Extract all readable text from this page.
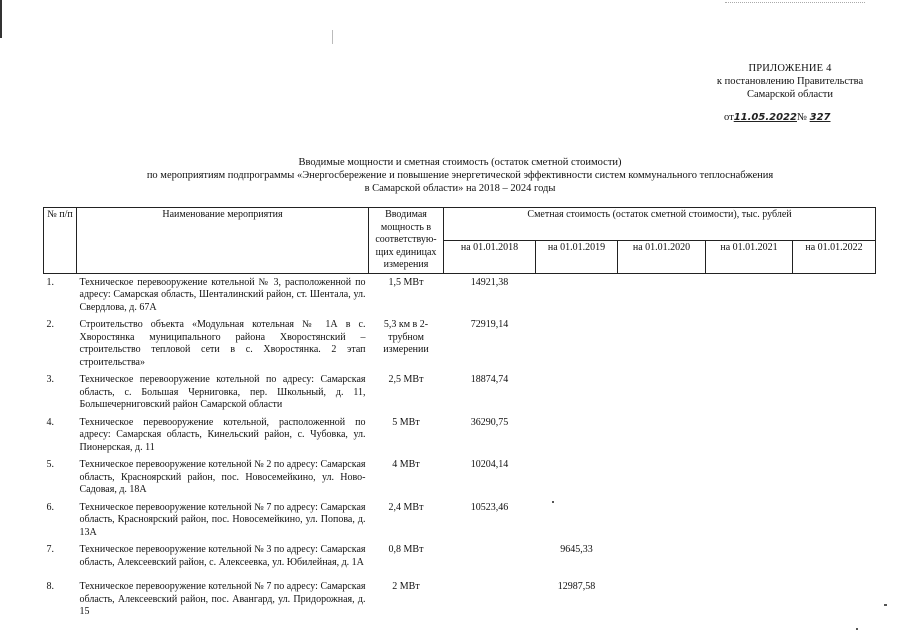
ПРИЛОЖЕНИЕ 4
к постановлению Правительства
Самарской области
от11.05.2022№ 327
Вводимые мощности и сметная стоимость (остаток сметной стоимости)
по мероприятиям подпрограммы «Энергосбережение и повышение энергетической эффективности систем коммунального теплоснабжения
в Самарской области» на 2018 – 2024 годы
№ п/п	Наименование мероприятия	Вводимая мощность в соответствую-щих единицах измерения	Сметная стоимость (остаток сметной стоимости), тыс. рублей				
			на 01.01.2018	на 01.01.2019	на 01.01.2020	на 01.01.2021	на 01.01.2022
1.	Техническое перевооружение котельной № 3, расположенной по адресу: Самарская область, Шенталинский район, ст. Шентала, ул. Свердлова, д. 67А	1,5 МВт	14921,38				
2.	Строительство объекта «Модульная котельная № 1А в с. Хворостянка муниципального района Хворостянский – строительство тепловой сети в с. Хворостянка. 2 этап строительства»	5,3 км в 2-трубном измерении	72919,14				
3.	Техническое перевооружение котельной по адресу: Самарская область, с. Большая Черниговка, пер. Школьный, д. 11, Большечерниговский район Самарской области	2,5 МВт	18874,74				
4.	Техническое перевооружение котельной, расположенной по адресу: Самарская область, Кинельский район, с. Чубовка, ул. Пионерская, д. 11	5 МВт	36290,75				
5.	Техническое перевооружение котельной № 2 по адресу: Самарская область, Красноярский район, пос. Новосемейкино, ул. Ново-Садовая, д. 18А	4 МВт	10204,14				
6.	Техническое перевооружение котельной № 7 по адресу: Самарская область, Красноярский район, пос. Новосемейкино, ул. Попова, д. 13А	2,4 МВт	10523,46				
7.	Техническое перевооружение котельной № 3 по адресу: Самарская область, Алексеевский район, с. Алексеевка, ул. Юбилейная, д. 1А	0,8 МВт		9645,33			
8.	Техническое перевооружение котельной № 7 по адресу: Самарская область, Алексеевский район, пос. Авангард, ул. Придорожная, д. 15	2 МВт		12987,58			
